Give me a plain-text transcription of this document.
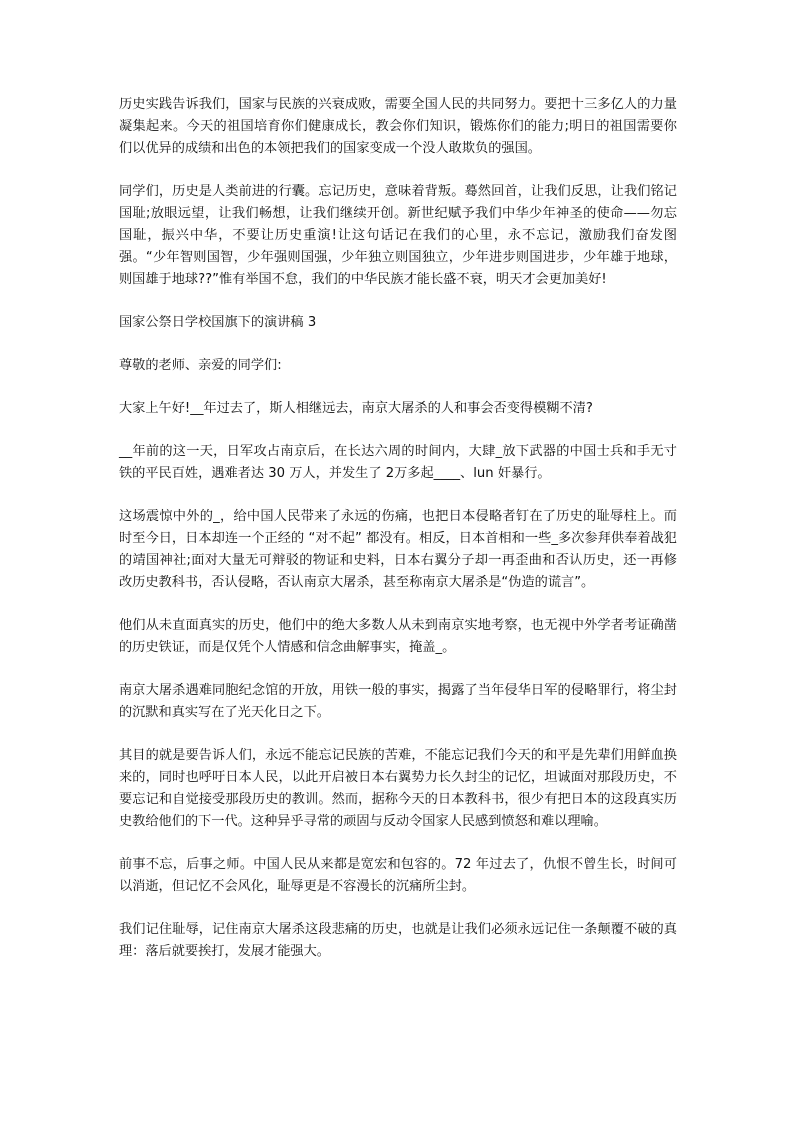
历史实践告诉我们，国家与民族的兴衰成败，需要全国人民的共同努力。要把十三多亿人的力量凝集起来。今天的祖国培育你们健康成长，教会你们知识，锻炼你们的能力;明日的祖国需要你们以优异的成绩和出色的本领把我们的国家变成一个没人敢欺负的强国。

同学们，历史是人类前进的行囊。忘记历史，意味着背叛。蓦然回首，让我们反思，让我们铭记国耻;放眼远望，让我们畅想，让我们继续开创。新世纪赋予我们中华少年神圣的使命——勿忘国耻，振兴中华，不要让历史重演!让这句话记在我们的心里，永不忘记，激励我们奋发图强。“少年智则国智，少年强则国强，少年独立则国独立，少年进步则国进步，少年雄于地球，则国雄于地球??”惟有举国不怠，我们的中华民族才能长盛不衰，明天才会更加美好!

国家公祭日学校国旗下的演讲稿 3

尊敬的老师、亲爱的同学们:

大家上午好!__年过去了，斯人相继远去，南京大屠杀的人和事会否变得模糊不清?

__年前的这一天，日军攻占南京后，在长达六周的时间内，大肆_放下武器的中国士兵和手无寸铁的平民百姓，遇难者达 30 万人，并发生了 2万多起____、lun 奸暴行。

这场震惊中外的_，给中国人民带来了永远的伤痛，也把日本侵略者钉在了历史的耻辱柱上。而时至今日，日本却连一个正经的 “对不起” 都没有。相反，日本首相和一些_多次参拜供奉着战犯的靖国神社;面对大量无可辩驳的物证和史料，日本右翼分子却一再歪曲和否认历史，还一再修改历史教科书，否认侵略，否认南京大屠杀，甚至称南京大屠杀是“伪造的谎言”。

他们从未直面真实的历史，他们中的绝大多数人从未到南京实地考察，也无视中外学者考证确凿的历史铁证，而是仅凭个人情感和信念曲解事实，掩盖_。

南京大屠杀遇难同胞纪念馆的开放，用铁一般的事实，揭露了当年侵华日军的侵略罪行，将尘封的沉默和真实写在了光天化日之下。

其目的就是要告诉人们，永远不能忘记民族的苦难，不能忘记我们今天的和平是先辈们用鲜血换来的，同时也呼吁日本人民，以此开启被日本右翼势力长久封尘的记忆，坦诚面对那段历史，不要忘记和自觉接受那段历史的教训。然而，据称今天的日本教科书，很少有把日本的这段真实历史教给他们的下一代。这种异乎寻常的顽固与反动令国家人民感到愤怒和难以理喻。

前事不忘，后事之师。中国人民从来都是宽宏和包容的。72 年过去了，仇恨不曾生长，时间可以消逝，但记忆不会风化，耻辱更是不容漫长的沉痛所尘封。

我们记住耻辱，记住南京大屠杀这段悲痛的历史，也就是让我们必须永远记住一条颠覆不破的真理：落后就要挨打，发展才能强大。
